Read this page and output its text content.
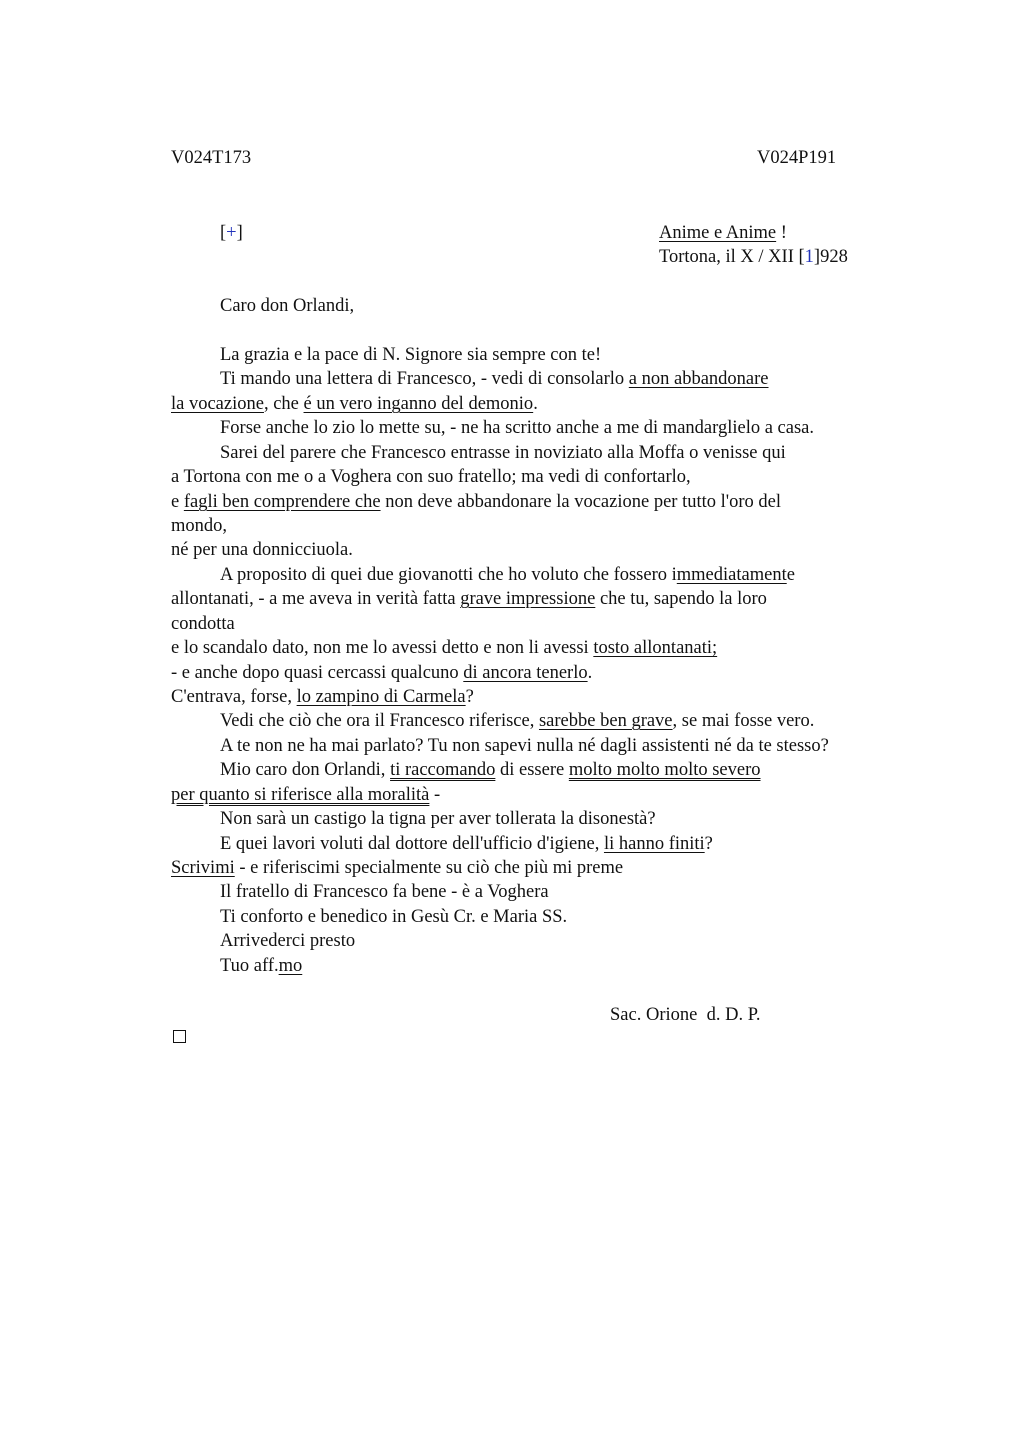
V024T173	V024P191
[+]	Anime e Anime !
Tortona, il X / XII [1]928
Caro don Orlandi,
La grazia e la pace di N. Signore sia sempre con te!
Ti mando una lettera di Francesco, - vedi di consolarlo a non abbandonare
la vocazione, che é un vero inganno del demonio.
Forse anche lo zio lo mette su, - ne ha scritto anche a me di mandarglielo a casa.
Sarei del parere che Francesco entrasse in noviziato alla Moffa o venisse qui
a Tortona con me o a Voghera con suo fratello; ma vedi di confortarlo,
e fagli ben comprendere che non deve abbandonare la vocazione per tutto l'oro del
mondo,
né per una donnicciuola.
A proposito di quei due giovanotti che ho voluto che fossero immediatamente
allontanati, - a me aveva in verità fatta grave impressione che tu, sapendo la loro
condotta
e lo scandalo dato, non me lo avessi detto e non li avessi tosto allontanati;
- e anche dopo quasi cercassi qualcuno di ancora tenerlo.
C'entrava, forse, lo zampino di Carmela?
Vedi che ciò che ora il Francesco riferisce, sarebbe ben grave, se mai fosse vero.
A te non ne ha mai parlato? Tu non sapevi nulla né dagli assistenti né da te stesso?
Mio caro don Orlandi, ti raccomando di essere molto molto molto severo
per quanto si riferisce alla moralità -
Non sarà un castigo la tigna per aver tollerata la disonestà?
E quei lavori voluti dal dottore dell'ufficio d'igiene, li hanno finiti?
Scrivimi - e riferiscimi specialmente su ciò che più mi preme
Il fratello di Francesco fa bene - è a Voghera
Ti conforto e benedico in Gesù Cr. e Maria SS.
Arrivederci presto
Tuo aff.mo
Sac. Orione  d. D. P.
